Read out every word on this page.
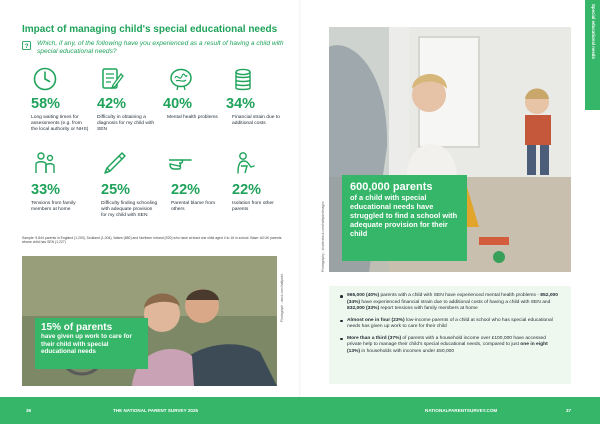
Impact of managing child's special educational needs
? Which, if any, of the following have you experienced as a result of having a child with special educational needs?
58%
Long waiting times for assessments (e.g. from the local authority or NHS)
42%
Difficulty in obtaining a diagnosis for my child with SEN
40%
Mental health problems
34%
Financial strain due to additional costs
33%
Tensions from family members at home
25%
Difficulty finding schooling with adequate provision for my child with SEN
22%
Parental blame from others
22%
Isolation from other parents
Sample: 5,844 parents in England (1,200), Scotland (1,004), Wales (880) and Northern Ireland (920) who have at least one child aged 4 to 16 in school. Base: All UK parents whose child has SEN (1,227)
Photograph - stock.com/halfpoint
15% of parents
have given up work to care for their child with special educational needs
Special educational needs
Photography - shutterstock.com/halfpointimages
600,000 parents
of a child with special educational needs have struggled to find a school with adequate provision for their child
965,000 (40%) parents with a child with SEN have experienced mental health problems - 852,000 (34%) have experienced financial strain due to additional costs of having a child with SEN and 832,000 (33%) report tensions with family members at home
Almost one in four (23%) low-income parents of a child at school who has special educational needs has given up work to care for their child
More than a third (37%) of parents with a household income over £100,000 have accessed private help to manage their child's special educational needs, compared to just one in eight (13%) in households with incomes under £50,000
36	THE NATIONAL PARENT SURVEY 2025	NATIONALPARENTSURVEY.COM	37
